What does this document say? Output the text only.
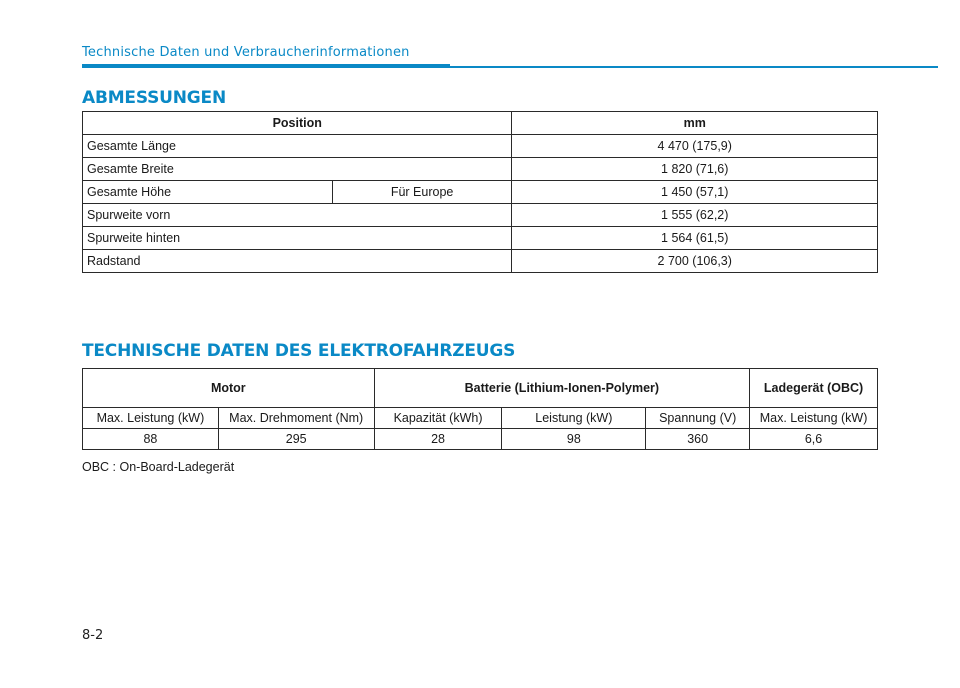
Technische Daten und Verbraucherinformationen
ABMESSUNGEN
Position		mm
Gesamte Länge		4 470 (175,9)
Gesamte Breite		1 820 (71,6)
Gesamte Höhe	Für Europe	1 450 (57,1)
Spurweite vorn		1 555 (62,2)
Spurweite hinten		1 564 (61,5)
Radstand		2 700 (106,3)
TECHNISCHE DATEN DES ELEKTROFAHRZEUGS
Motor		Batterie (Lithium-Ionen-Polymer)			Ladegerät (OBC)
Max. Leistung (kW)	Max. Drehmoment (Nm)	Kapazität (kWh)	Leistung (kW)	Spannung (V)	Max. Leistung (kW)
88	295	28	98	360	6,6
OBC : On-Board-Ladegerät
8-2
